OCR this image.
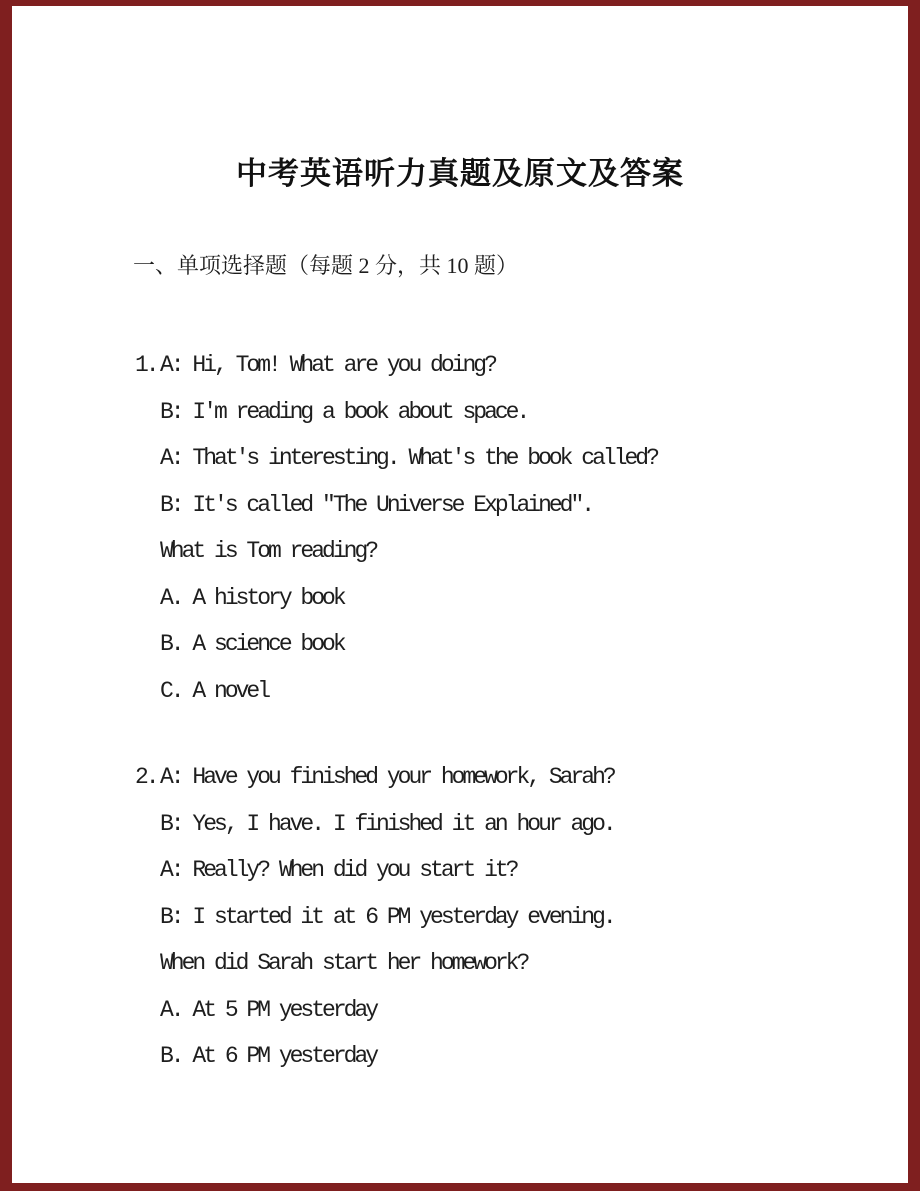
中考英语听力真题及原文及答案
一、单项选择题（每题 2 分，共 10 题）
1. A: Hi, Tom! What are you doing?
B: I'm reading a book about space.
A: That's interesting. What's the book called?
B: It's called "The Universe Explained".
What is Tom reading?
A. A history book
B. A science book
C. A novel
2. A: Have you finished your homework, Sarah?
B: Yes, I have. I finished it an hour ago.
A: Really? When did you start it?
B: I started it at 6 PM yesterday evening.
When did Sarah start her homework?
A. At 5 PM yesterday
B. At 6 PM yesterday
